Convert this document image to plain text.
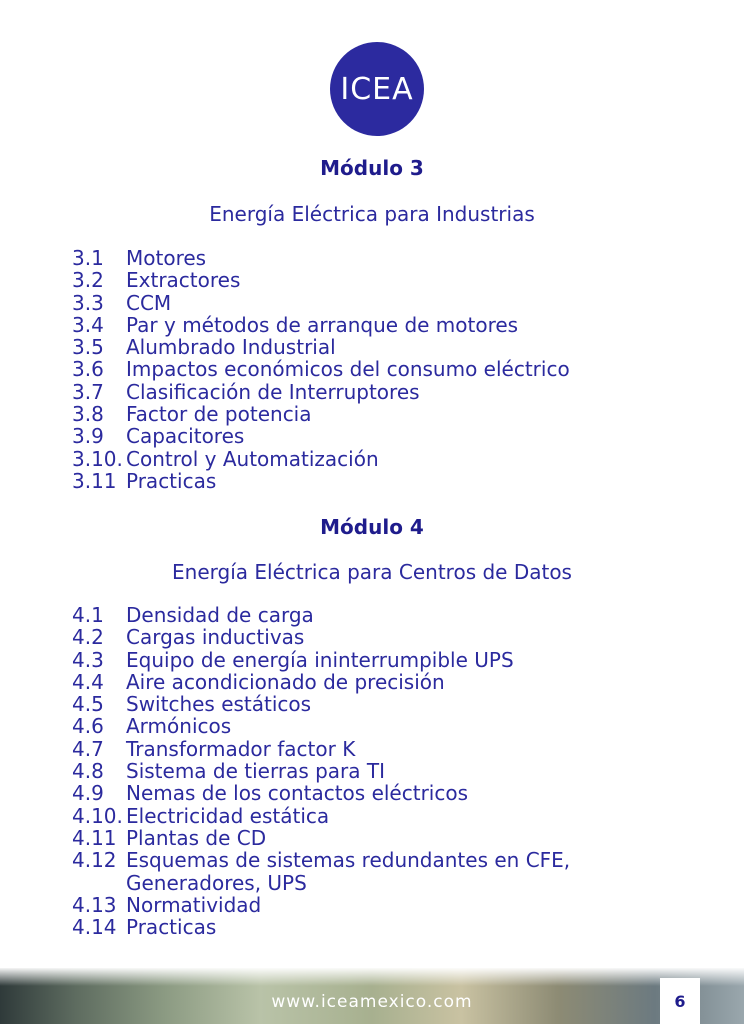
ICEA
Módulo 3
Energía Eléctrica para Industrias
3.1	Motores
3.2	Extractores
3.3	CCM
3.4	Par y métodos de arranque de motores
3.5	Alumbrado Industrial
3.6	Impactos económicos del consumo eléctrico
3.7	Clasificación de Interruptores
3.8	Factor de potencia
3.9	Capacitores
3.10. Control y Automatización
3.11 Practicas
Módulo 4
Energía Eléctrica para Centros de Datos
4.1	Densidad de carga
4.2	Cargas inductivas
4.3	Equipo de energía ininterrumpible UPS
4.4	Aire acondicionado de precisión
4.5	Switches estáticos
4.6	Armónicos
4.7	Transformador factor K
4.8	Sistema de tierras para TI
4.9	Nemas de los contactos eléctricos
4.10. Electricidad estática
4.11 Plantas de CD
4.12 Esquemas de sistemas redundantes en CFE,
Generadores, UPS
4.13 Normatividad
4.14 Practicas
www.iceamexico.com	6
